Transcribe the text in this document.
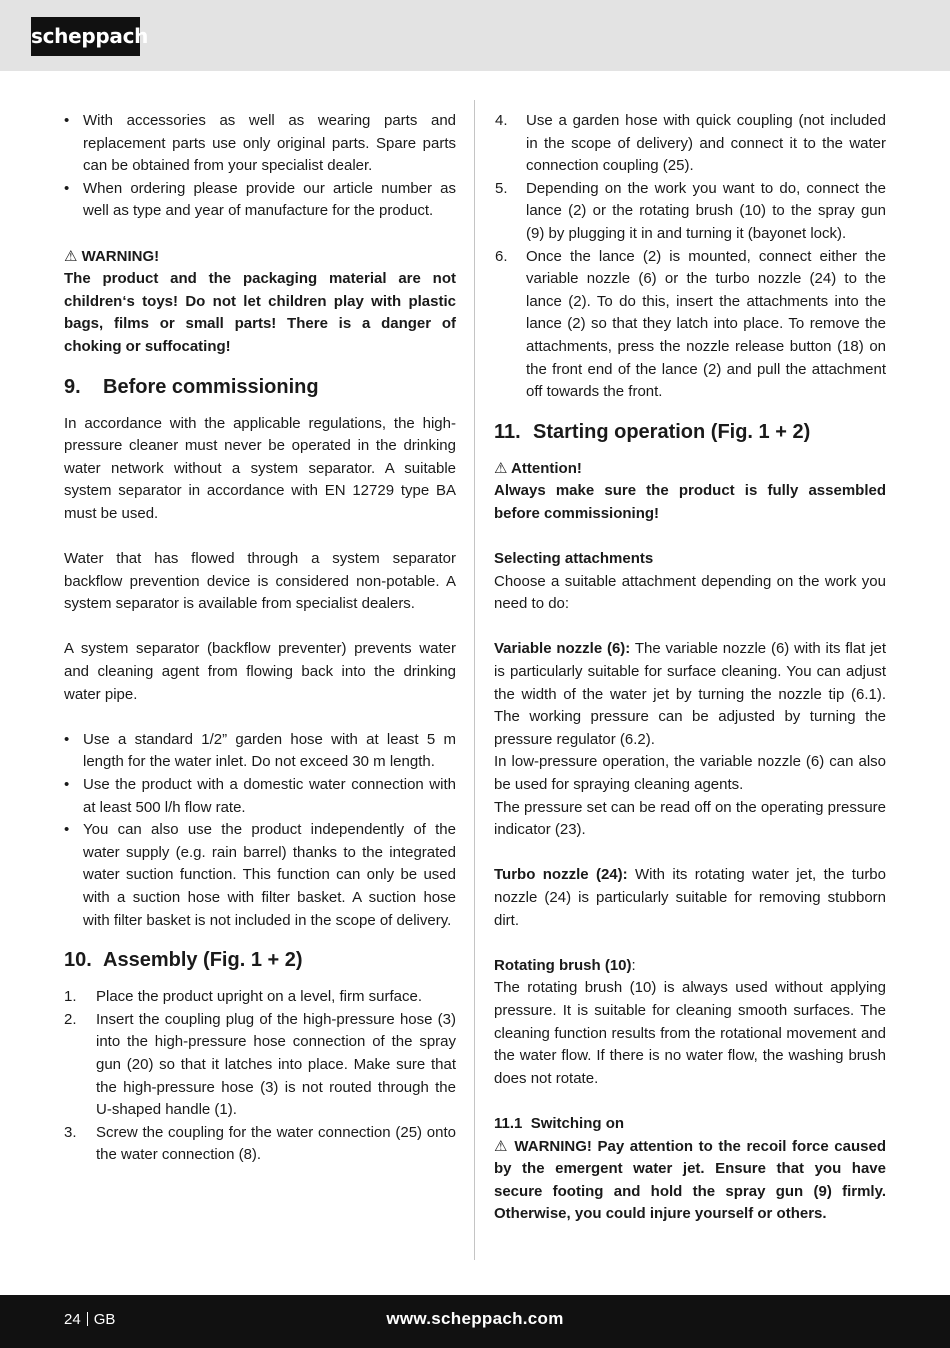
scheppach
• With accessories as well as wearing parts and replacement parts use only original parts. Spare parts can be obtained from your specialist dealer.
• When ordering please provide our article number as well as type and year of manufacture for the product.

⚠ WARNING!

The product and the packaging material are not children‘s toys! Do not let children play with plastic bags, films or small parts! There is a danger of choking or suffocating!

9. Before commissioning

In accordance with the applicable regulations, the high-pressure cleaner must never be operated in the drinking water network without a system separator. A suitable system separator in accordance with EN 12729 type BA must be used.

Water that has flowed through a system separator backflow prevention device is considered non-potable. A system separator is available from specialist dealers.

A system separator (backflow preventer) prevents water and cleaning agent from flowing back into the drinking water pipe.

• Use a standard 1/2” garden hose with at least 5 m length for the water inlet. Do not exceed 30 m length.
• Use the product with a domestic water connection with at least 500 l/h flow rate.
• You can also use the product independently of the water supply (e.g. rain barrel) thanks to the integrated water suction function. This function can only be used with a suction hose with filter basket. A suction hose with filter basket is not included in the scope of delivery.
10. Assembly (Fig. 1 + 2)
1. Place the product upright on a level, firm surface.
2. Insert the coupling plug of the high-pressure hose (3) into the high-pressure hose connection of the spray gun (20) so that it latches into place. Make sure that the high-pressure hose (3) is not routed through the U-shaped handle (1).
3. Screw the coupling for the water connection (25) onto the water connection (8).
4. Use a garden hose with quick coupling (not included in the scope of delivery) and connect it to the water connection coupling (25).
5. Depending on the work you want to do, connect the lance (2) or the rotating brush (10) to the spray gun (9) by plugging it in and turning it (bayonet lock).
6. Once the lance (2) is mounted, connect either the variable nozzle (6) or the turbo nozzle (24) to the lance (2). To do this, insert the attachments into the lance (2) so that they latch into place. To remove the attachments, press the nozzle release button (18) on the front end of the lance (2) and pull the attachment off towards the front.
11. Starting operation (Fig. 1 + 2)

⚠ Attention!

Always make sure the product is fully assembled before commissioning!

Selecting attachments

Choose a suitable attachment depending on the work you need to do:

Variable nozzle (6): The variable nozzle (6) with its flat jet is particularly suitable for surface cleaning. You can adjust the width of the water jet by turning the nozzle tip (6.1). The working pressure can be adjusted by turning the pressure regulator (6.2).

In low-pressure operation, the variable nozzle (6) can also be used for spraying cleaning agents.

The pressure set can be read off on the operating pressure indicator (23).

Turbo nozzle (24): With its rotating water jet, the turbo nozzle (24) is particularly suitable for removing stubborn dirt.

Rotating brush (10):

The rotating brush (10) is always used without applying pressure. It is suitable for cleaning smooth surfaces. The cleaning function results from the rotational movement and the water flow. If there is no water flow, the washing brush does not rotate.

11.1  Switching on

⚠ WARNING! Pay attention to the recoil force caused by the emergent water jet. Ensure that you have secure footing and hold the spray gun (9) firmly. Otherwise, you could injure yourself or others.

24 GB	www.scheppach.com
